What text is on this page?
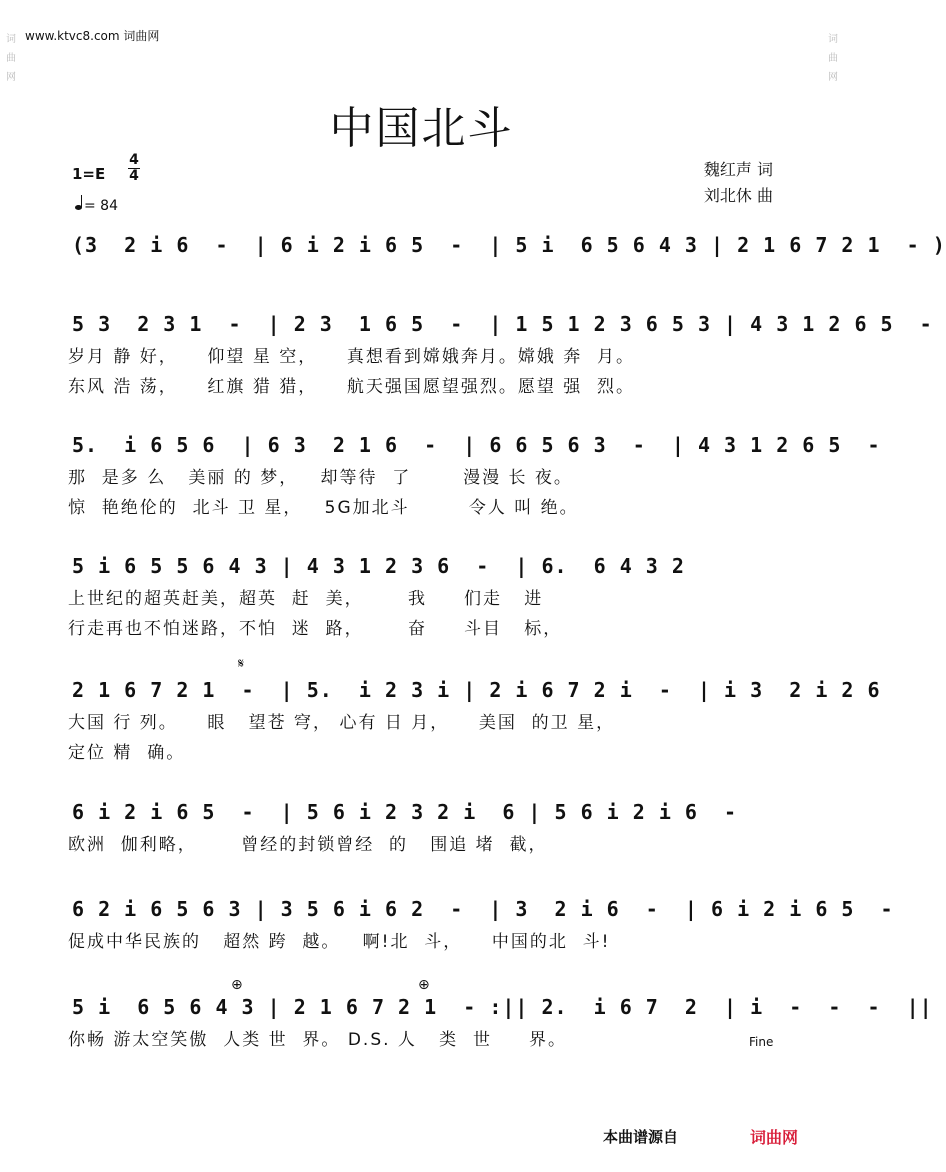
www.ktvc8.com 词曲网
词
曲
网
词
曲
网
中国北斗
1=E
4
4
= 84
魏红声 词
刘北休 曲
(3  2 i 6  -  | 6 i 2 i 6 5  -  | 5 i  6 5 6 4 3 | 2 1 6 7 2 1  - )
5 3  2 3 1  -  | 2 3  1 6 5  -  | 1 5 1 2 3 6 5 3 | 4 3 1 2 6 5  -
岁月 静 好，    仰望 星 空，    真想看到嫦娥奔月。嫦娥 奔  月。
东风 浩 荡，    红旗 猎 猎，    航天强国愿望强烈。愿望 强  烈。
5.  i 6 5 6  | 6 3  2 1 6  -  | 6 6 5 6 3  -  | 4 3 1 2 6 5  -
那  是多 么   美丽 的 梦，   却等待  了       漫漫 长 夜。
惊  艳绝伦的  北斗 卫 星，   5G加北斗        令人 叫 绝。
5 i 6 5 5 6 4 3 | 4 3 1 2 3 6  -  | 6.  6 4 3 2
上世纪的超英赶美，超英  赶  美，      我     们走   进
行走再也不怕迷路，不怕  迷  路，      奋     斗目   标，
2 1 6 7 2 1  -  | 5.  i 2 3 i | 2 i 6 7 2 i  -  | i 3  2 i 2 6
大国 行 列。    眼   望苍 穹， 心有 日 月，    美国  的卫 星，
定位 精  确。
6 i 2 i 6 5  -  | 5 6 i 2 3 2 i  6 | 5 6 i 2 i 6  -
欧洲  伽利略，      曾经的封锁曾经  的   围追 堵  截，
6 2 i 6 5 6 3 | 3 5 6 i 6 2  -  | 3  2 i 6  -  | 6 i 2 i 6 5  -
促成中华民族的   超然 跨  越。   啊!北  斗，    中国的北  斗!
5 i  6 5 6 4 3 | 2 1 6 7 2 1  - :|| 2.  i 6 7  2  | i  -  -  -  ||
你畅 游太空笑傲  人类 世  界。 D.S. 人   类  世     界。
𝄋
⊕	⊕
Fine
本曲谱源自	词曲网
